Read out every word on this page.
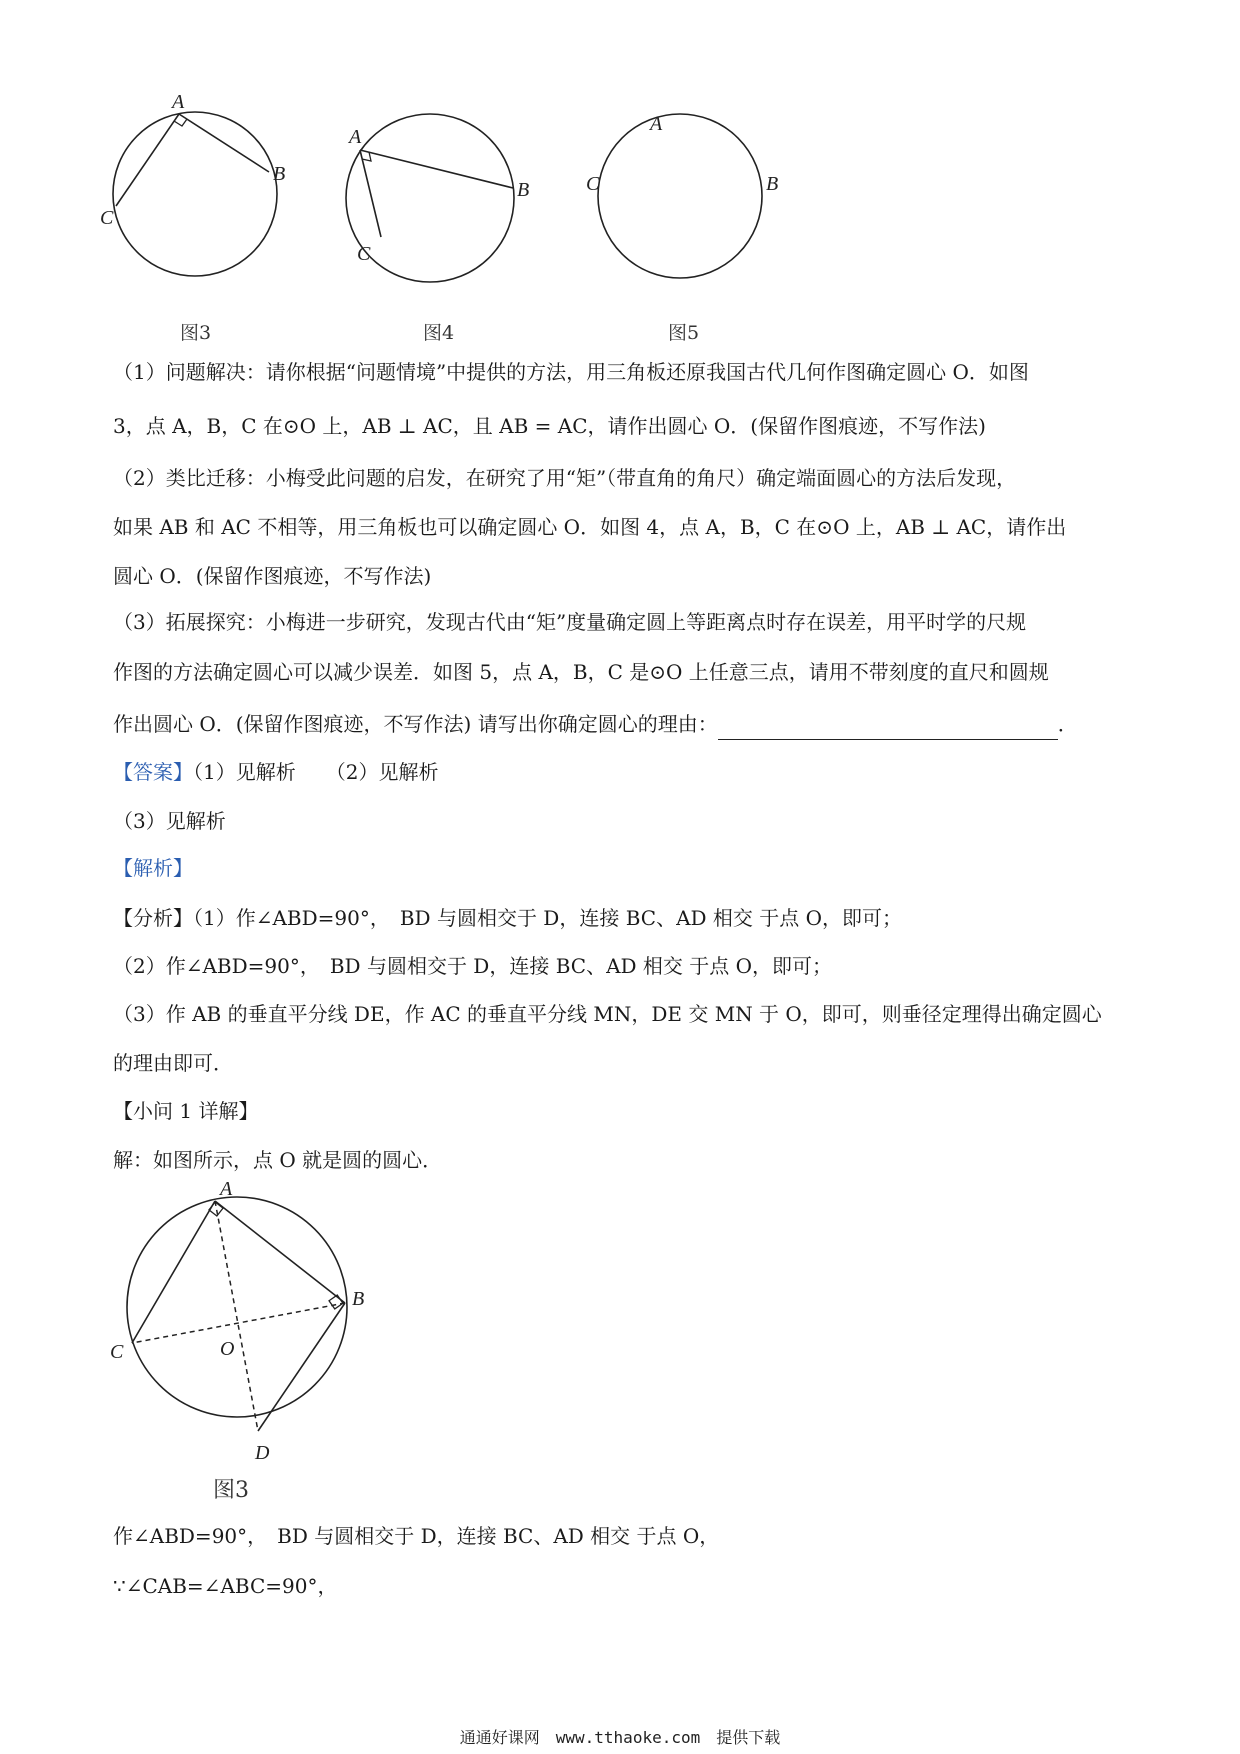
A
B
C
图3
A
B
C
图4
A
B
C
图5
（1）问题解决：请你根据“问题情境”中提供的方法，用三角板还原我国古代几何作图确定圆心 O．如图
3，点 A，B，C 在⊙O 上，AB ⊥ AC，且 AB = AC，请作出圆心 O．(保留作图痕迹，不写作法)
（2）类比迁移：小梅受此问题的启发，在研究了用“矩”（带直角的角尺）确定端面圆心的方法后发现，
如果 AB 和 AC 不相等，用三角板也可以确定圆心 O．如图 4，点 A，B，C 在⊙O 上，AB ⊥ AC，请作出
圆心 O．(保留作图痕迹，不写作法)
（3）拓展探究：小梅进一步研究，发现古代由“矩”度量确定圆上等距离点时存在误差，用平时学的尺规
作图的方法确定圆心可以减少误差．如图 5，点 A，B，C 是⊙O 上任意三点，请用不带刻度的直尺和圆规
作出圆心 O．(保留作图痕迹，不写作法) 请写出你确定圆心的理由：	．
【答案】（1）见解析　　（2）见解析
（3）见解析
【解析】
【分析】（1）作∠ABD=90°，　BD 与圆相交于 D，连接 BC、AD 相交 于点 O，即可；
（2）作∠ABD=90°，　BD 与圆相交于 D，连接 BC、AD 相交 于点 O，即可；
（3）作 AB 的垂直平分线 DE，作 AC 的垂直平分线 MN，DE 交 MN 于 O，即可，则垂径定理得出确定圆心
的理由即可．
【小问 1 详解】
解：如图所示，点 O 就是圆的圆心．
A
B
C	O
D
图3
作∠ABD=90°，　BD 与圆相交于 D，连接 BC、AD 相交 于点 O，
∵∠CAB=∠ABC=90°，
通通好课网　www.tthaoke.com　提供下载
